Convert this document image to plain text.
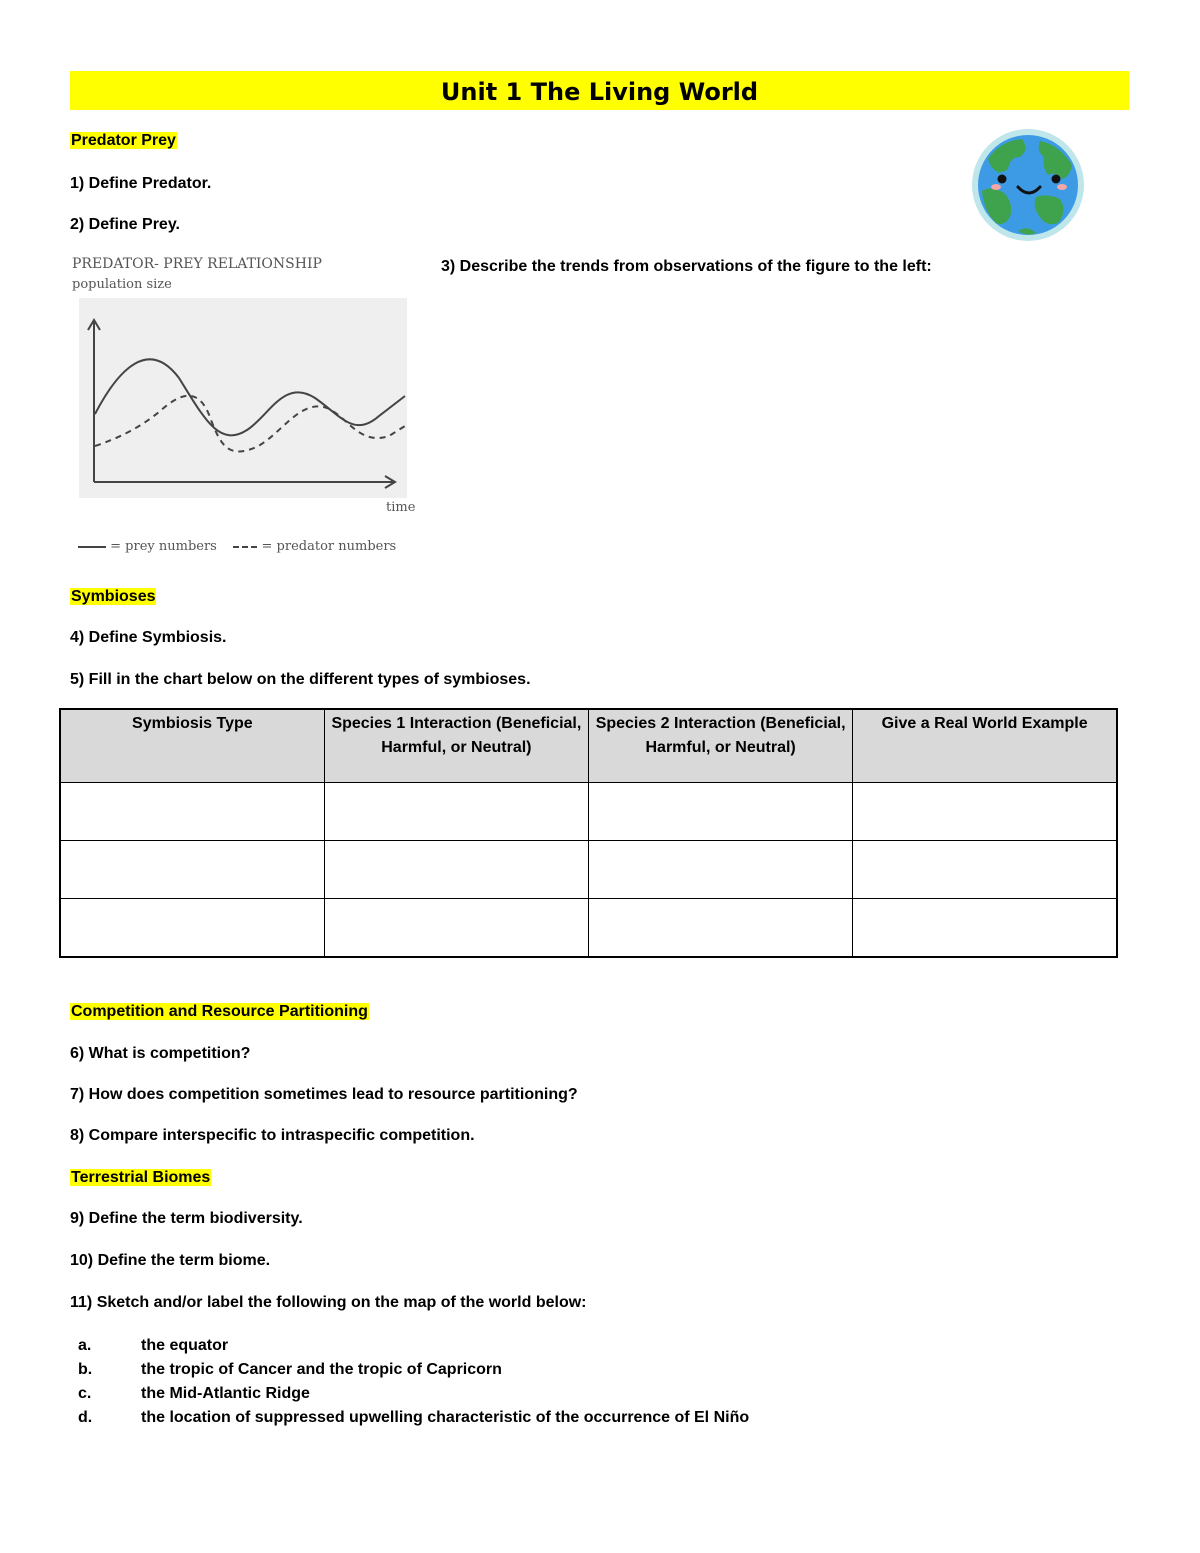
Unit 1 The Living World
Predator Prey
1) Define Predator.
2) Define Prey.
PREDATOR- PREY RELATIONSHIP
population size
time
= prey numbers	= predator numbers
3) Describe the trends from observations of the figure to the left:
Symbioses
4) Define Symbiosis.
5) Fill in the chart below on the different types of symbioses.
Symbiosis Type	Species 1 Interaction (Beneficial, Harmful, or Neutral)	Species 2 Interaction (Beneficial, Harmful, or Neutral)	Give a Real World Example

Competition and Resource Partitioning
6) What is competition?
7) How does competition sometimes lead to resource partitioning?
8) Compare interspecific to intraspecific competition.
Terrestrial Biomes
9) Define the term biodiversity.
10) Define the term biome.
11) Sketch and/or label the following on the map of the world below:
a.	the equator
b.	the tropic of Cancer and the tropic of Capricorn
c.	the Mid-Atlantic Ridge
d.	the location of suppressed upwelling characteristic of the occurrence of El Niño
